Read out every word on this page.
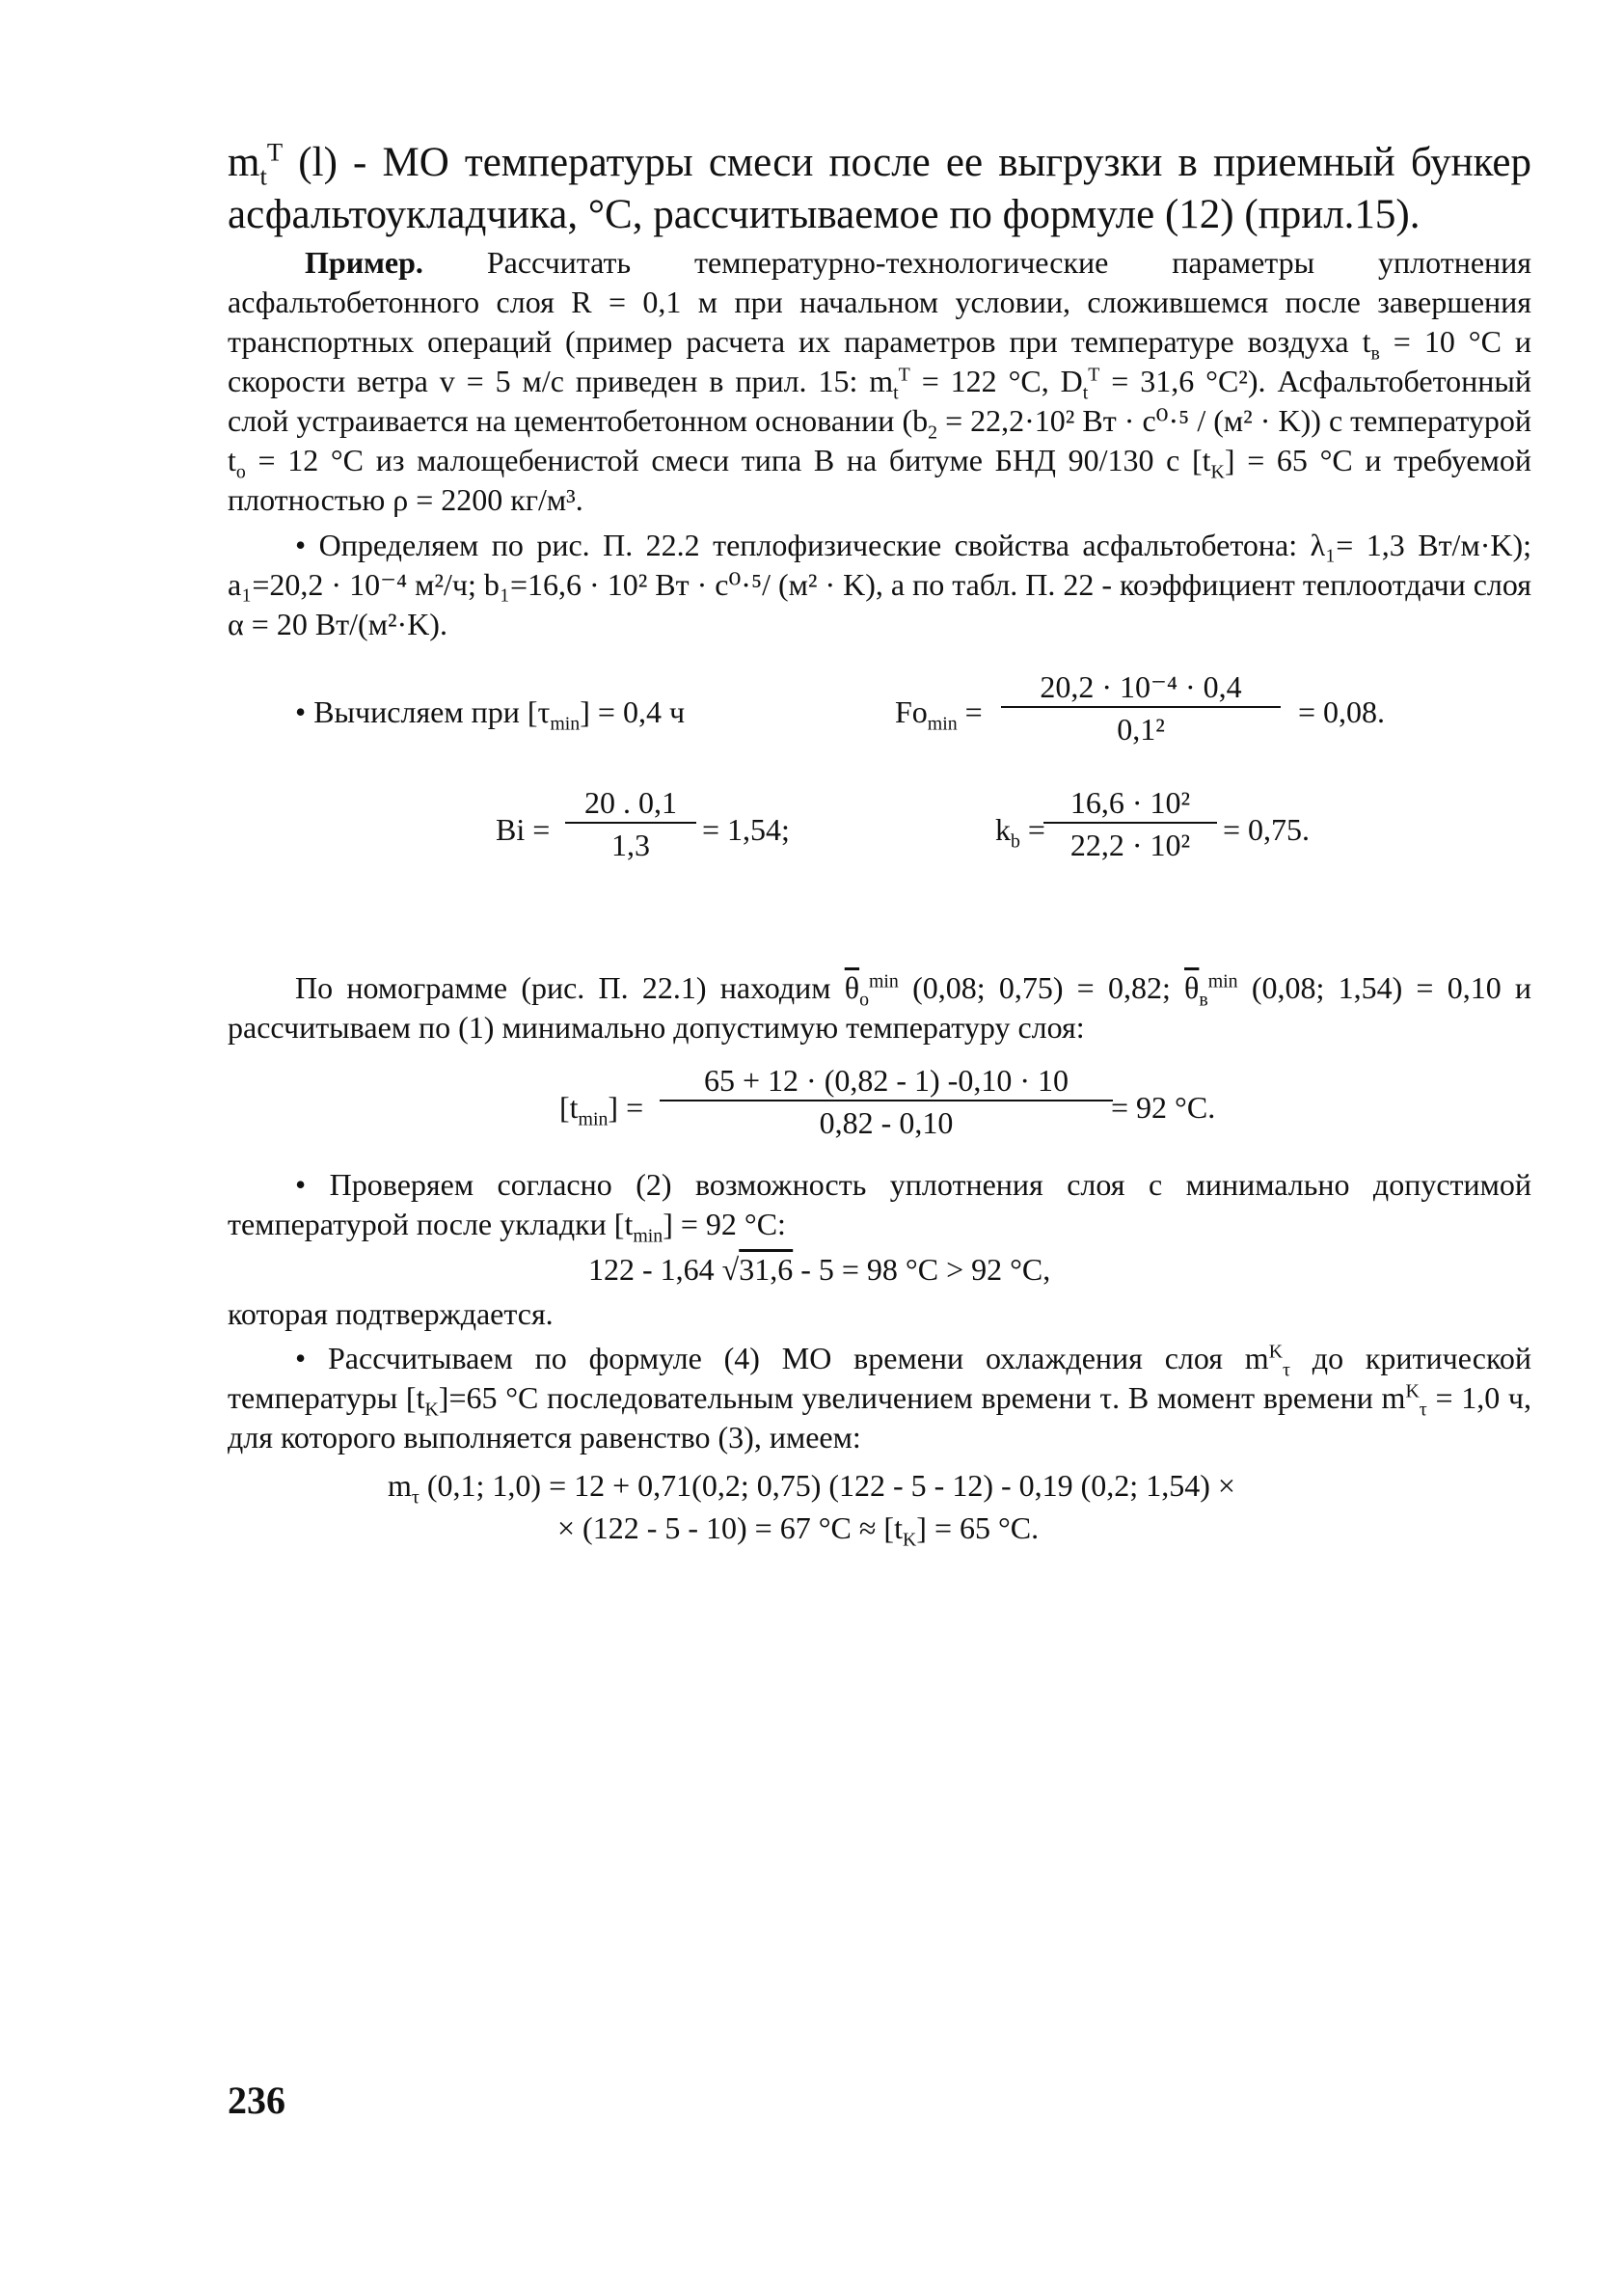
$m_t^T$ (l) - МО температуры смеси после ее выгрузки в приемный бункер асфальтоукладчика, °С, рассчитываемое по формуле (12) (прил.15).
Пример. Рассчитать температурно-технологические параметры уплотнения асфальтобетонного слоя R = 0,1 м при начальном условии, сложившемся после завершения транспортных операций (пример расчета их параметров при температуре воздуха $t_в = 10$ °С и скорости ветра v = 5 м/с приведен в прил. 15: $m_t^T = 122$ °С, $D_t^T = 31,6$ °С²). Асфальтобетонный слой устраивается на цементобетонном основании ($b_2 = 22,2\cdot 10^2$ Вт · с⁰·⁵ / (м² · K)) с температурой $t_о = 12$ °С из малощебенистой смеси типа В на битуме БНД 90/130 с $[t_K] = 65$ °С и требуемой плотностью ρ = 2200 кг/м³.
• Определяем по рис. П. 22.2 теплофизические свойства асфальтобетона: λ₁= 1,3 Вт/м·K); a₁=20,2 · 10⁻⁴ м²/ч; b₁=16,6 · 10² Вт · с⁰·⁵/ (м² · K), а по табл. П. 22 - коэффициент теплоотдачи слоя α = 20 Вт/(м²·K).
• Вычисляем при $[\tau_{min}] = 0,4$ ч	$Fo_{min} = \frac{\text{20,2 · 10⁻⁴ · 0,4}}{\text{0,1²}} = 0,08$.
$Bi = \frac{20 . 0,1}{1,3} = 1,54$;	$k_b$ =
$\frac{\text{16,6 · 10²}}{\text{22,2 · 10²}} = 0,75$.
По номограмме (рис. П. 22.1) находим $\overline{\theta}_о^{min}$ (0,08; 0,75) = 0,82; $\overline{\theta}_в^{min}$ (0,08; 1,54) = 0,10 и рассчитываем по (1) минимально допустимую температуру слоя:
$[t_{min}] = \frac{65 + 12 \cdot (0,82 - 1) -0,10 \cdot 10}{0,82 - 0,10}$
= 92 °С.
• Проверяем согласно (2) возможность уплотнения слоя с минимально допустимой температурой после укладки $[t_{min}] = 92$ °С:
122 - 1,64 √31,6 - 5 = 98 °С > 92 °С,
которая подтверждается.
• Рассчитываем по формуле (4) МО времени охлаждения слоя $m^K_\tau$ до критической температуры $[t_K]=65$ °С последовательным увеличением времени τ. В момент времени $m^K_\tau = 1,0$ ч, для которого выполняется равенство (3), имеем:
$m_\tau$ (0,1; 1,0) = 12 + 0,71(0,2; 0,75) (122 - 5 - 12) - 0,19 (0,2; 1,54) ×
× (122 - 5 - 10) = 67 $^\circ С \approx [t_K] = 65$ °С.
236
